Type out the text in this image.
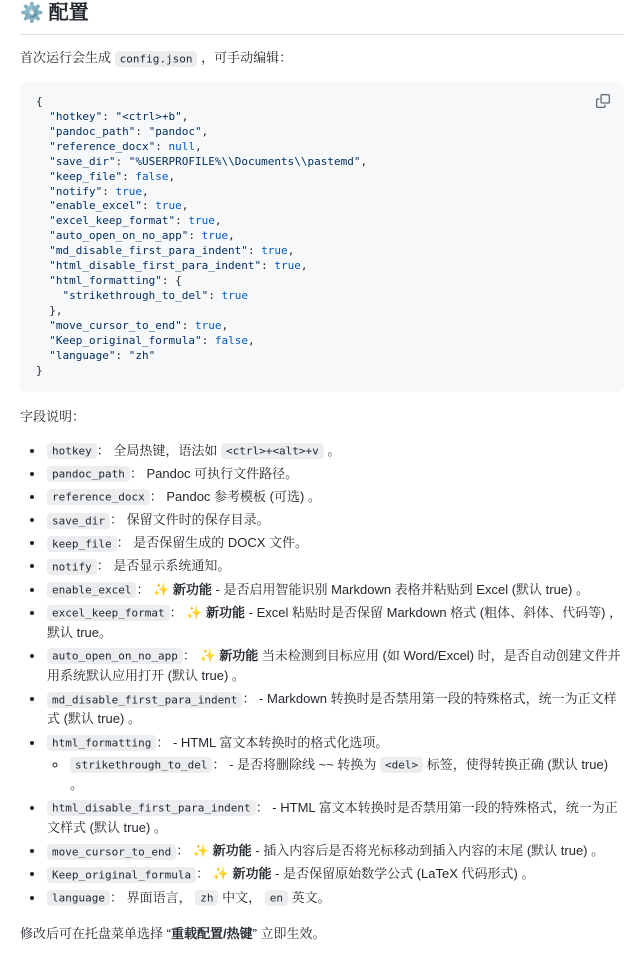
⚙️ 配置

首次运行会生成 config.json ，可手动编辑：

{
"hotkey": "<ctrl>+b",
"pandoc_path": "pandoc",
"reference_docx": null,
"save_dir": "%USERPROFILE%\\Documents\\pastemd",
"keep_file": false,
"notify": true,
"enable_excel": true,
"excel_keep_format": true,
"auto_open_on_no_app": true,
"md_disable_first_para_indent": true,
"html_disable_first_para_indent": true,
"html_formatting": {
"strikethrough_to_del": true
},
"move_cursor_to_end": true,
"Keep_original_formula": false,
"language": "zh"
}

字段说明：

• hotkey ： 全局热键，语法如 <ctrl>+<alt>+v 。
• pandoc_path ： Pandoc 可执行文件路径。
• reference_docx ： Pandoc 参考模板 (可选) 。
• save_dir ： 保留文件时的保存目录。
• keep_file ： 是否保留生成的 DOCX 文件。
• notify ： 是否显示系统通知。
• enable_excel ： ✨ 新功能 - 是否启用智能识别 Markdown 表格并粘贴到 Excel (默认 true) 。
• excel_keep_format ： ✨ 新功能 - Excel 粘贴时是否保留 Markdown 格式 (粗体、斜体、代码等) ，默认 true。
• auto_open_on_no_app ： ✨ 新功能 当未检测到目标应用 (如 Word/Excel) 时，是否自动创建文件并用系统默认应用打开 (默认 true) 。
• md_disable_first_para_indent ： - Markdown 转换时是否禁用第一段的特殊格式，统一为正文样式 (默认 true) 。
• html_formatting ： - HTML 富文本转换时的格式化选项。
◦ strikethrough_to_del ： - 是否将删除线 ~~ 转换为 <del> 标签，使得转换正确 (默认 true) 。
• html_disable_first_para_indent ： - HTML 富文本转换时是否禁用第一段的特殊格式，统一为正文样式 (默认 true) 。
• move_cursor_to_end ： ✨ 新功能 - 插入内容后是否将光标移动到插入内容的末尾 (默认 true) 。
• Keep_original_formula ： ✨ 新功能 - 是否保留原始数学公式 (LaTeX 代码形式) 。
• language ： 界面语言， zh 中文， en 英文。

修改后可在托盘菜单选择 “重载配置/热键” 立即生效。
